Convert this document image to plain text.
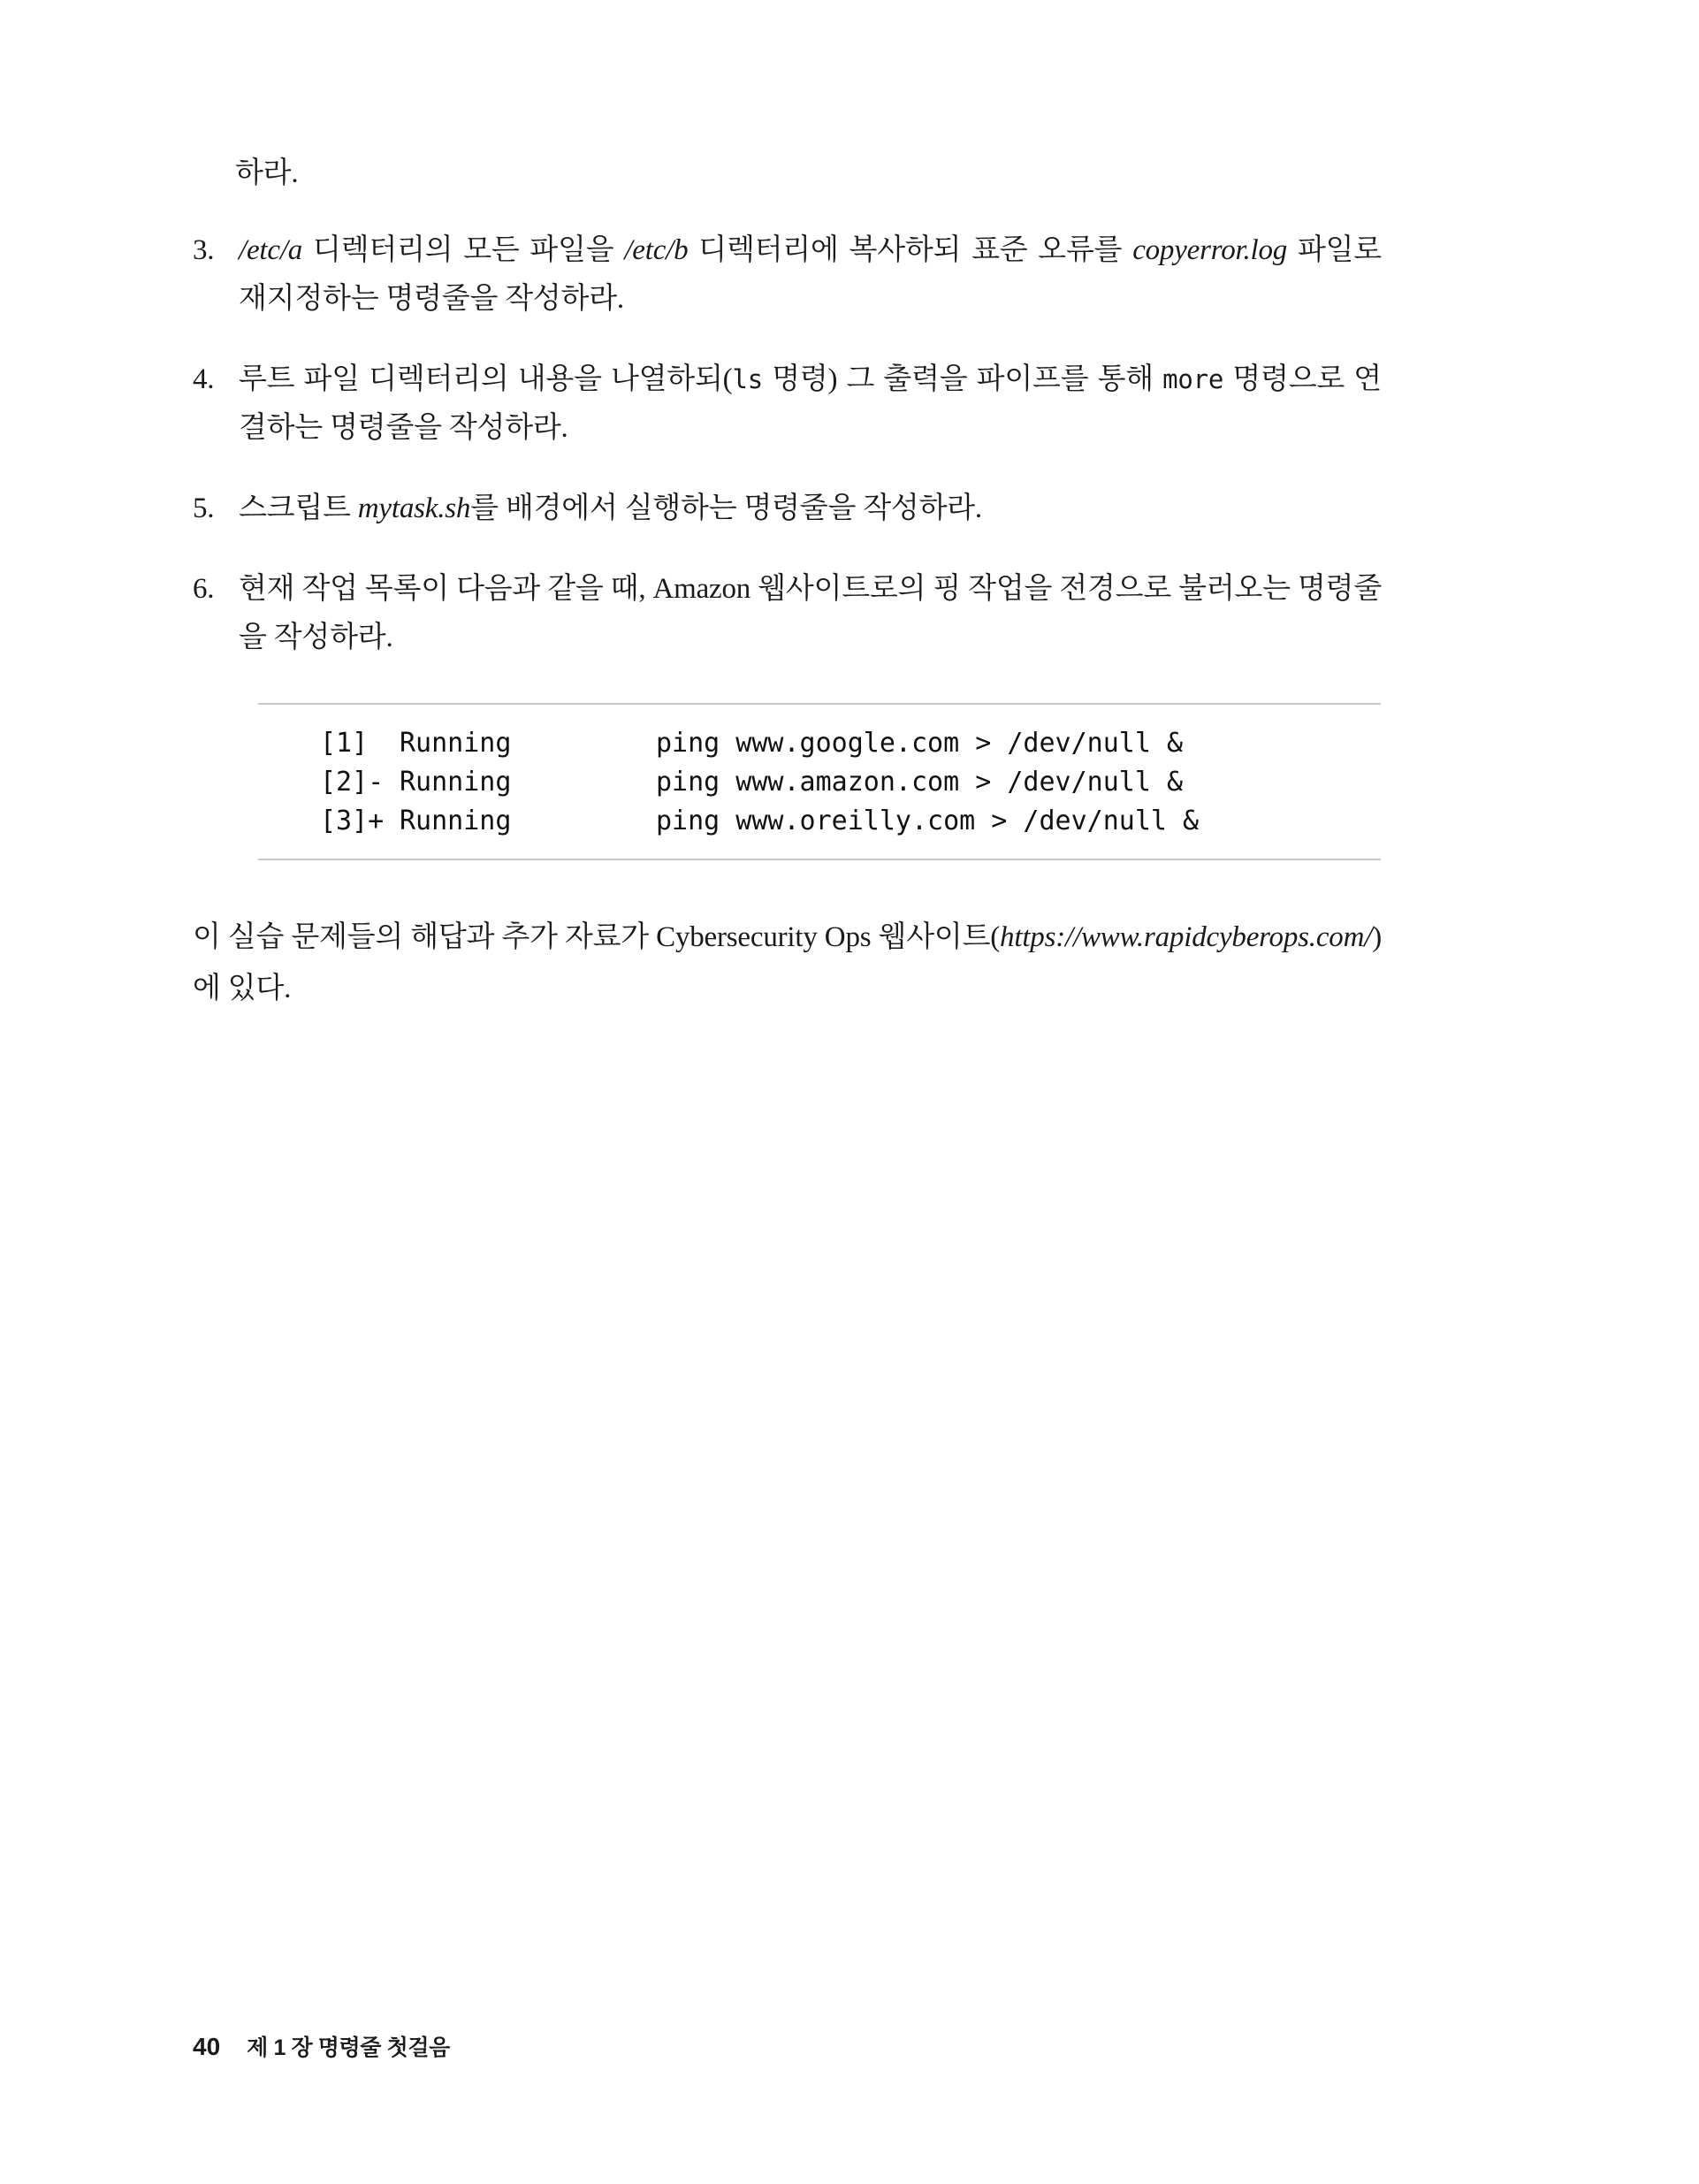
하라.

3. /etc/a 디렉터리의 모든 파일을 /etc/b 디렉터리에 복사하되 표준 오류를 copyerror.log 파일로 재지정하는 명령줄을 작성하라.
4. 루트 파일 디렉터리의 내용을 나열하되(ls 명령) 그 출력을 파이프를 통해 more 명령으로 연결하는 명령줄을 작성하라.
5. 스크립트 mytask.sh를 배경에서 실행하는 명령줄을 작성하라.
6. 현재 작업 목록이 다음과 같을 때, Amazon 웹사이트로의 핑 작업을 전경으로 불러오는 명령줄을 작성하라.
[1] Running	ping www.google.com > /dev/null &
[2]- Running	ping www.amazon.com > /dev/null &
[3]+ Running	ping www.oreilly.com > /dev/null &

이 실습 문제들의 해답과 추가 자료가 Cybersecurity Ops 웹사이트(https://www.rapidcyberops.com/)에 있다.

40 제 1 장 명령줄 첫걸음
